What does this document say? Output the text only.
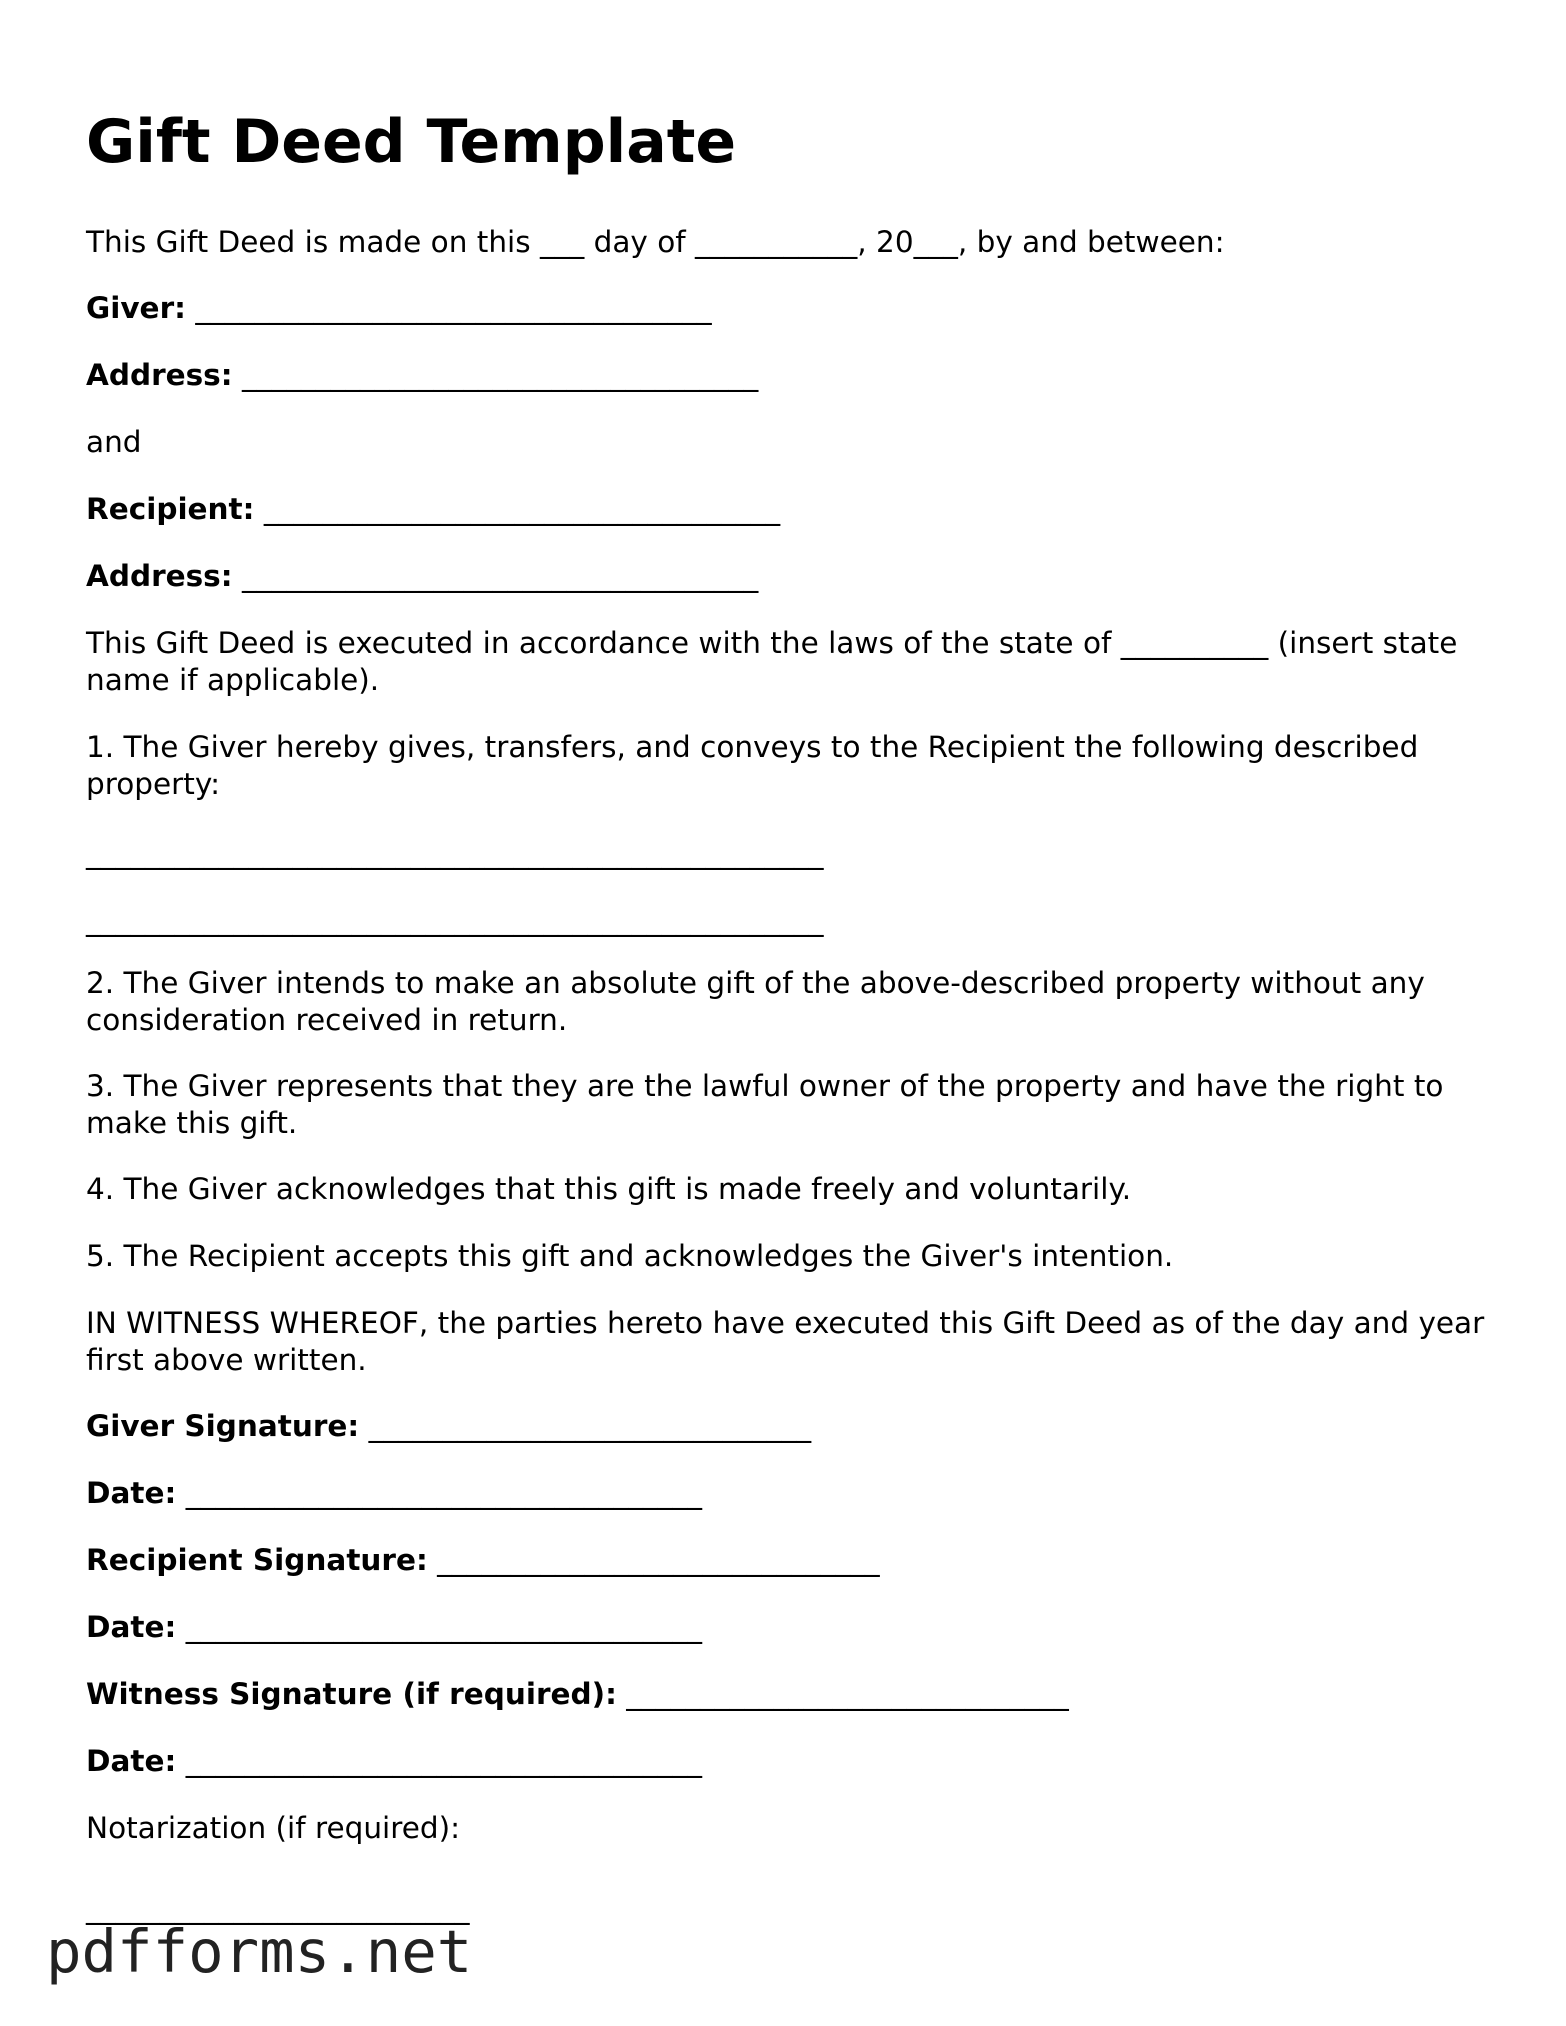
Gift Deed Template

This Gift Deed is made on this ___ day of ___________, 20___, by and between:

Giver: ___________________________________

Address: ___________________________________

and

Recipient: ___________________________________

Address: ___________________________________

This Gift Deed is executed in accordance with the laws of the state of __________ (insert state name if applicable).

1. The Giver hereby gives, transfers, and conveys to the Recipient the following described property:

__________________________________________________

__________________________________________________

2. The Giver intends to make an absolute gift of the above-described property without any consideration received in return.

3. The Giver represents that they are the lawful owner of the property and have the right to make this gift.

4. The Giver acknowledges that this gift is made freely and voluntarily.

5. The Recipient accepts this gift and acknowledges the Giver's intention.

IN WITNESS WHEREOF, the parties hereto have executed this Gift Deed as of the day and year first above written.

Giver Signature: ______________________________

Date: ___________________________________

Recipient Signature: ______________________________

Date: ___________________________________

Witness Signature (if required): ______________________________

Date: ___________________________________

Notarization (if required):

__________________________

pdfforms.net
